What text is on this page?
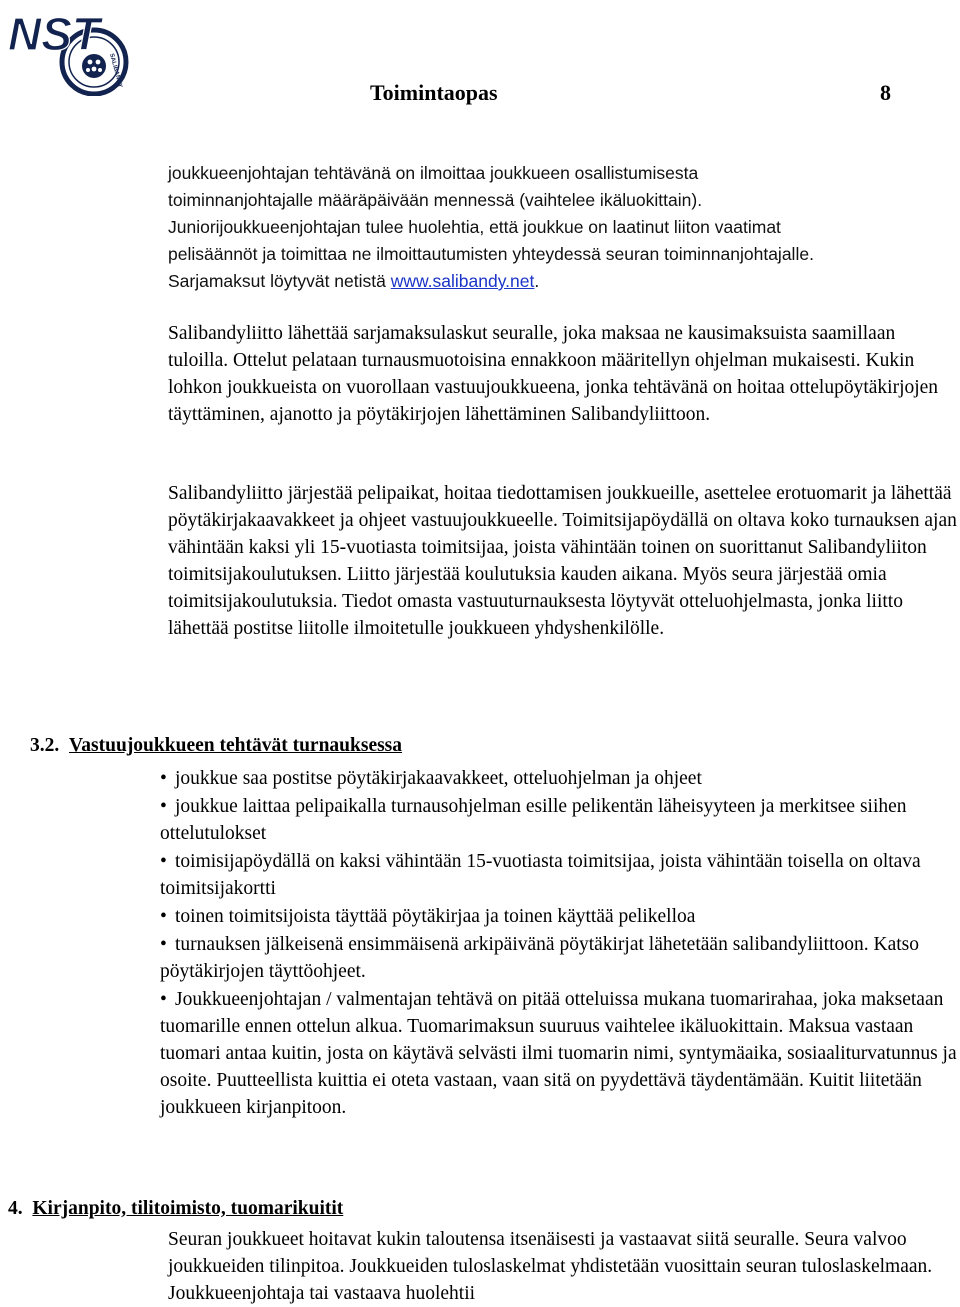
NST
SALIBANDY
Toimintaopas	8
joukkueenjohtajan tehtävänä on ilmoittaa joukkueen osallistumisesta
toiminnanjohtajalle määräpäivään mennessä (vaihtelee ikäluokittain).
Juniorijoukkueenjohtajan tulee huolehtia, että joukkue on laatinut liiton vaatimat
pelisäännöt ja toimittaa ne ilmoittautumisten yhteydessä seuran toiminnanjohtajalle.
Sarjamaksut löytyvät netistä www.salibandy.net.
Salibandyliitto lähettää sarjamaksulaskut seuralle, joka maksaa ne kausimaksuista saamillaan tuloilla. Ottelut pelataan turnausmuotoisina ennakkoon määritellyn ohjelman mukaisesti. Kukin lohkon joukkueista on vuorollaan vastuujoukkueena, jonka tehtävänä on hoitaa ottelupöytäkirjojen täyttäminen, ajanotto ja pöytäkirjojen lähettäminen Salibandyliittoon.
Salibandyliitto järjestää pelipaikat, hoitaa tiedottamisen joukkueille, asettelee erotuomarit ja lähettää pöytäkirjakaavakkeet ja ohjeet vastuujoukkueelle. Toimitsijapöydällä on oltava koko turnauksen ajan vähintään kaksi yli 15-vuotiasta toimitsijaa, joista vähintään toinen on suorittanut Salibandyliiton toimitsijakoulutuksen. Liitto järjestää koulutuksia kauden aikana. Myös seura järjestää omia toimitsijakoulutuksia. Tiedot omasta vastuuturnauksesta löytyvät otteluohjelmasta, jonka liitto lähettää postitse liitolle ilmoitetulle joukkueen yhdyshenkilölle.
3.2. Vastuujoukkueen tehtävät turnauksessa
• joukkue saa postitse pöytäkirjakaavakkeet, otteluohjelman ja ohjeet
• joukkue laittaa pelipaikalla turnausohjelman esille pelikentän läheisyyteen ja merkitsee siihen ottelutulokset
• toimisijapöydällä on kaksi vähintään 15-vuotiasta toimitsijaa, joista vähintään toisella on oltava toimitsijakortti
• toinen toimitsijoista täyttää pöytäkirjaa ja toinen käyttää pelikelloa
• turnauksen jälkeisenä ensimmäisenä arkipäivänä pöytäkirjat lähetetään salibandyliittoon. Katso pöytäkirjojen täyttöohjeet.
• Joukkueenjohtajan / valmentajan tehtävä on pitää otteluissa mukana tuomarirahaa, joka maksetaan tuomarille ennen ottelun alkua. Tuomarimaksun suuruus vaihtelee ikäluokittain. Maksua vastaan tuomari antaa kuitin, josta on käytävä selvästi ilmi tuomarin nimi, syntymäaika, sosiaaliturvatunnus ja osoite. Puutteellista kuittia ei oteta vastaan, vaan sitä on pyydettävä täydentämään. Kuitit liitetään joukkueen kirjanpitoon.
4. Kirjanpito, tilitoimisto, tuomarikuitit
Seuran joukkueet hoitavat kukin taloutensa itsenäisesti ja vastaavat siitä seuralle. Seura valvoo joukkueiden tilinpitoa. Joukkueiden tuloslaskelmat yhdistetään vuosittain seuran tuloslaskelmaan. Joukkueenjohtaja tai vastaava huolehtii
